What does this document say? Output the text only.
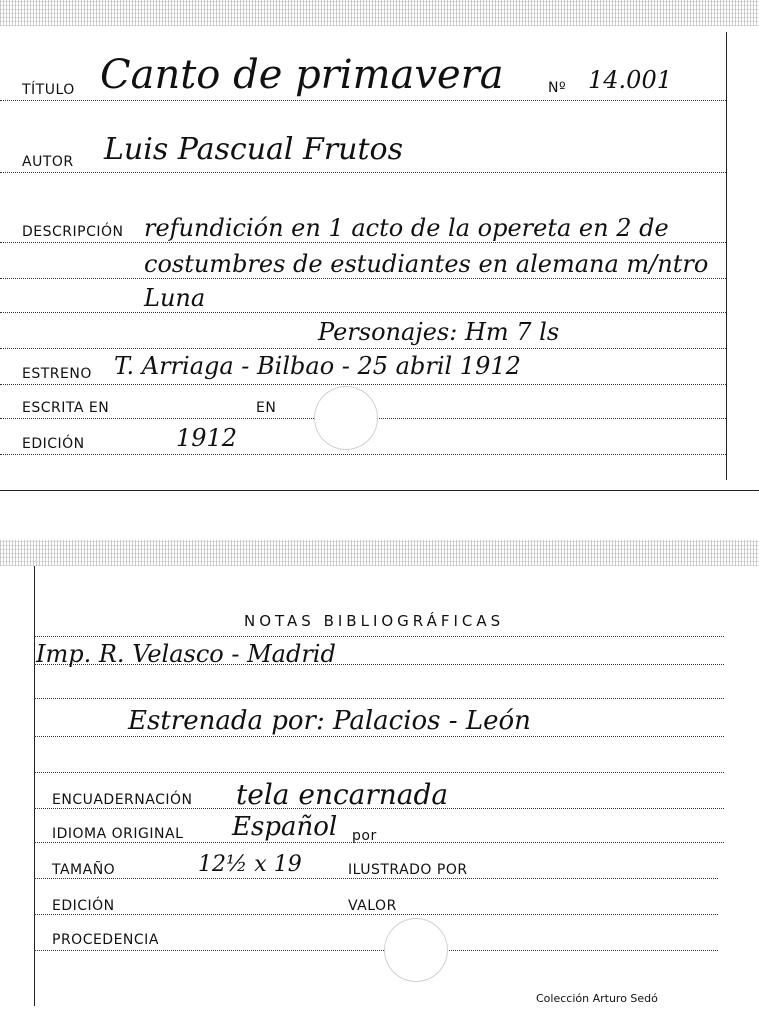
TÍTULO Canto de primavera	Nº 14.001
AUTOR Luis Pascual Frutos
DESCRIPCIÓN refundición en 1 acto de la opereta en 2 de
costumbres de estudiantes en alemana m/ntro
Luna
Personajes: Hm 7 ls
ESTRENO T. Arriaga - Bilbao - 25 abril 1912
ESCRITA EN	EN
EDICIÓN	1912
NOTAS BIBLIOGRÁFICAS
Imp. R. Velasco - Madrid
Estrenada por: Palacios - León
ENCUADERNACIÓN tela encarnada
IDIOMA ORIGINAL Español por
TAMAÑO	12½ x 19	ILUSTRADO POR
EDICIÓN	VALOR
PROCEDENCIA
Colección Arturo Sedó
